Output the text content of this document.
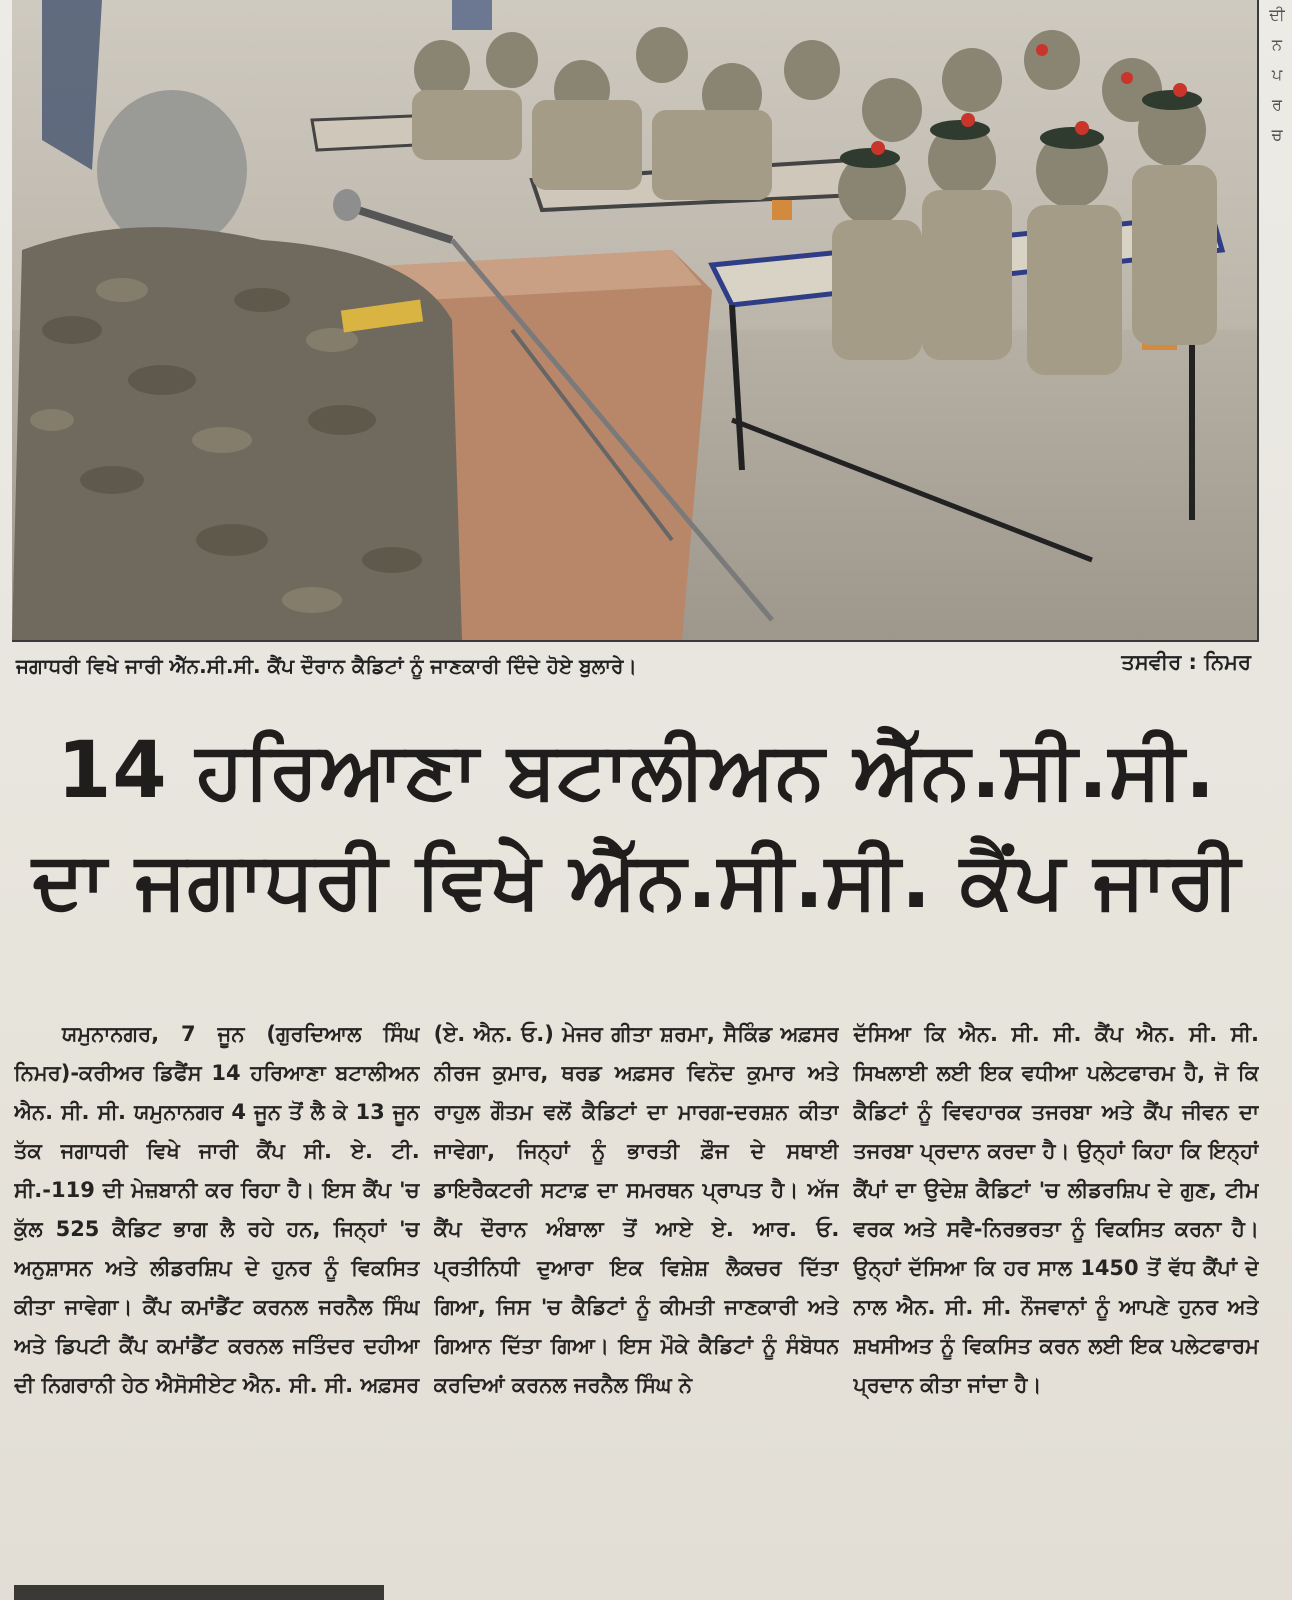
ਦੀ
ਨ
ਪ
ਰ
ਚ
ਜਗਾਧਰੀ ਵਿਖੇ ਜਾਰੀ ਐੱਨ.ਸੀ.ਸੀ. ਕੈਂਪ ਦੌਰਾਨ ਕੈਡਿਟਾਂ ਨੂੰ ਜਾਣਕਾਰੀ ਦਿੰਦੇ ਹੋਏ ਬੁਲਾਰੇ।	ਤਸਵੀਰ : ਨਿਮਰ
14 ਹਰਿਆਣਾ ਬਟਾਲੀਅਨ ਐੱਨ.ਸੀ.ਸੀ.
ਦਾ ਜਗਾਧਰੀ ਵਿਖੇ ਐੱਨ.ਸੀ.ਸੀ. ਕੈਂਪ ਜਾਰੀ

ਯਮੁਨਾਨਗਰ, 7 ਜੂਨ (ਗੁਰਦਿਆਲ ਸਿੰਘ ਨਿਮਰ)-ਕਰੀਅਰ ਡਿਫੈਂਸ 14 ਹਰਿਆਣਾ ਬਟਾਲੀਅਨ ਐਨ. ਸੀ. ਸੀ. ਯਮੁਨਾਨਗਰ 4 ਜੂਨ ਤੋਂ ਲੈ ਕੇ 13 ਜੂਨ ਤੱਕ ਜਗਾਧਰੀ ਵਿਖੇ ਜਾਰੀ ਕੈਂਪ ਸੀ. ਏ. ਟੀ. ਸੀ.-119 ਦੀ ਮੇਜ਼ਬਾਨੀ ਕਰ ਰਿਹਾ ਹੈ। ਇਸ ਕੈਂਪ 'ਚ ਕੁੱਲ 525 ਕੈਡਿਟ ਭਾਗ ਲੈ ਰਹੇ ਹਨ, ਜਿਨ੍ਹਾਂ 'ਚ ਅਨੁਸ਼ਾਸਨ ਅਤੇ ਲੀਡਰਸ਼ਿਪ ਦੇ ਹੁਨਰ ਨੂੰ ਵਿਕਸਿਤ ਕੀਤਾ ਜਾਵੇਗਾ। ਕੈਂਪ ਕਮਾਂਡੈਂਟ ਕਰਨਲ ਜਰਨੈਲ ਸਿੰਘ ਅਤੇ ਡਿਪਟੀ ਕੈਂਪ ਕਮਾਂਡੈਂਟ ਕਰਨਲ ਜਤਿੰਦਰ ਦਹੀਆ ਦੀ ਨਿਗਰਾਨੀ ਹੇਠ ਐਸੋਸੀਏਟ ਐਨ. ਸੀ. ਸੀ. ਅਫ਼ਸਰ

(ਏ. ਐਨ. ਓ.) ਮੇਜਰ ਗੀਤਾ ਸ਼ਰਮਾ, ਸੈਕਿੰਡ ਅਫ਼ਸਰ ਨੀਰਜ ਕੁਮਾਰ, ਥਰਡ ਅਫ਼ਸਰ ਵਿਨੋਦ ਕੁਮਾਰ ਅਤੇ ਰਾਹੁਲ ਗੌਤਮ ਵਲੋਂ ਕੈਡਿਟਾਂ ਦਾ ਮਾਰਗ-ਦਰਸ਼ਨ ਕੀਤਾ ਜਾਵੇਗਾ, ਜਿਨ੍ਹਾਂ ਨੂੰ ਭਾਰਤੀ ਫ਼ੌਜ ਦੇ ਸਥਾਈ ਡਾਇਰੈਕਟਰੀ ਸਟਾਫ਼ ਦਾ ਸਮਰਥਨ ਪ੍ਰਾਪਤ ਹੈ। ਅੱਜ ਕੈਂਪ ਦੌਰਾਨ ਅੰਬਾਲਾ ਤੋਂ ਆਏ ਏ. ਆਰ. ਓ. ਪ੍ਰਤੀਨਿਧੀ ਦੁਆਰਾ ਇਕ ਵਿਸ਼ੇਸ਼ ਲੈਕਚਰ ਦਿੱਤਾ ਗਿਆ, ਜਿਸ 'ਚ ਕੈਡਿਟਾਂ ਨੂੰ ਕੀਮਤੀ ਜਾਣਕਾਰੀ ਅਤੇ ਗਿਆਨ ਦਿੱਤਾ ਗਿਆ। ਇਸ ਮੌਕੇ ਕੈਡਿਟਾਂ ਨੂੰ ਸੰਬੋਧਨ ਕਰਦਿਆਂ ਕਰਨਲ ਜਰਨੈਲ ਸਿੰਘ ਨੇ

ਦੱਸਿਆ ਕਿ ਐਨ. ਸੀ. ਸੀ. ਕੈਂਪ ਐਨ. ਸੀ. ਸੀ. ਸਿਖਲਾਈ ਲਈ ਇਕ ਵਧੀਆ ਪਲੇਟਫਾਰਮ ਹੈ, ਜੋ ਕਿ ਕੈਡਿਟਾਂ ਨੂੰ ਵਿਵਹਾਰਕ ਤਜਰਬਾ ਅਤੇ ਕੈਂਪ ਜੀਵਨ ਦਾ ਤਜਰਬਾ ਪ੍ਰਦਾਨ ਕਰਦਾ ਹੈ। ਉਨ੍ਹਾਂ ਕਿਹਾ ਕਿ ਇਨ੍ਹਾਂ ਕੈਂਪਾਂ ਦਾ ਉਦੇਸ਼ ਕੈਡਿਟਾਂ 'ਚ ਲੀਡਰਸ਼ਿਪ ਦੇ ਗੁਣ, ਟੀਮ ਵਰਕ ਅਤੇ ਸਵੈ-ਨਿਰਭਰਤਾ ਨੂੰ ਵਿਕਸਿਤ ਕਰਨਾ ਹੈ। ਉਨ੍ਹਾਂ ਦੱਸਿਆ ਕਿ ਹਰ ਸਾਲ 1450 ਤੋਂ ਵੱਧ ਕੈਂਪਾਂ ਦੇ ਨਾਲ ਐਨ. ਸੀ. ਸੀ. ਨੌਜਵਾਨਾਂ ਨੂੰ ਆਪਣੇ ਹੁਨਰ ਅਤੇ ਸ਼ਖਸੀਅਤ ਨੂੰ ਵਿਕਸਿਤ ਕਰਨ ਲਈ ਇਕ ਪਲੇਟਫਾਰਮ ਪ੍ਰਦਾਨ ਕੀਤਾ ਜਾਂਦਾ ਹੈ।
